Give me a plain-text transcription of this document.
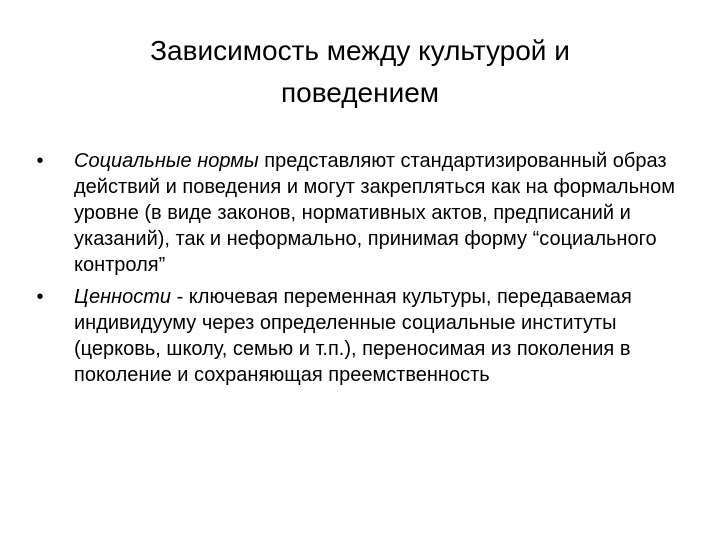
Зависимость между культурой и
поведением
•	Социальные нормы представляют стандартизированный образ действий и поведения и могут закрепляться как на формальном уровне (в виде законов, нормативных актов, предписаний и указаний), так и неформально, принимая форму “социального контроля”
•	Ценности - ключевая переменная культуры, передаваемая индивидууму через определенные социальные институты (церковь, школу, семью и т.п.), переносимая из поколения в поколение и сохраняющая преемственность
